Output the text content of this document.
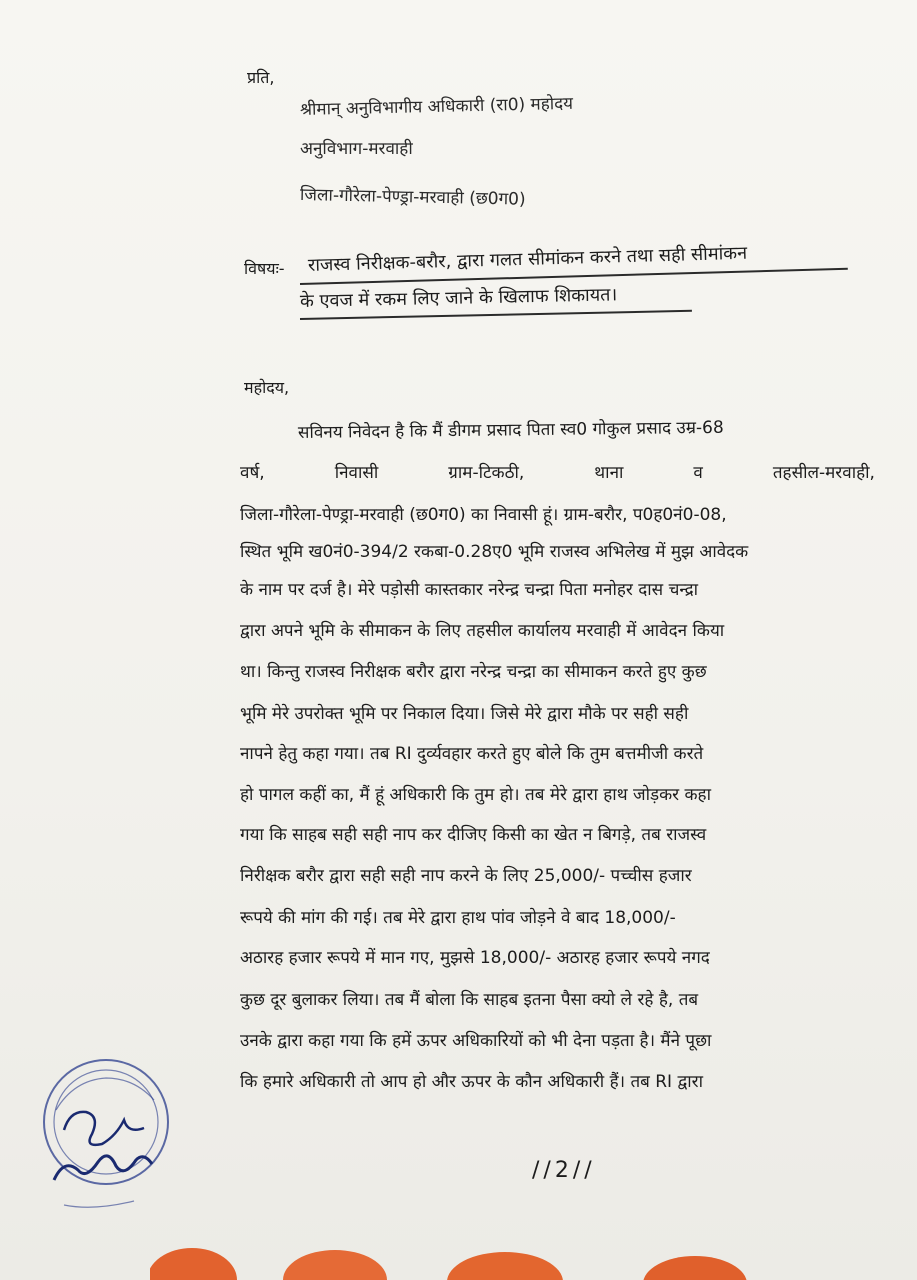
प्रति,
श्रीमान् अनुविभागीय अधिकारी (रा0) महोदय
अनुविभाग-मरवाही
जिला-गौरेला-पेण्ड्रा-मरवाही (छ0ग0)
विषयः- राजस्व निरीक्षक-बरौर, द्वारा गलत सीमांकन करने तथा सही सीमांकन
के एवज में रकम लिए जाने के खिलाफ शिकायत।
महोदय,
सविनय निवेदन है कि मैं डीगम प्रसाद पिता स्व0 गोकुल प्रसाद उम्र-68
वर्ष,	निवासी	ग्राम-टिकठी,	थाना	व	तहसील-मरवाही,
जिला-गौरेला-पेण्ड्रा-मरवाही (छ0ग0) का निवासी हूं। ग्राम-बरौर, प0ह0नं0-08,
स्थित भूमि ख0नं0-394/2 रकबा-0.28ए0 भूमि राजस्व अभिलेख में मुझ आवेदक
के नाम पर दर्ज है। मेरे पड़ोसी कास्तकार नरेन्द्र चन्द्रा पिता मनोहर दास चन्द्रा
द्वारा अपने भूमि के सीमाकन के लिए तहसील कार्यालय मरवाही में आवेदन किया
था। किन्तु राजस्व निरीक्षक बरौर द्वारा नरेन्द्र चन्द्रा का सीमाकन करते हुए कुछ
भूमि मेरे उपरोक्त भूमि पर निकाल दिया। जिसे मेरे द्वारा मौके पर सही सही
नापने हेतु कहा गया। तब RI दुर्व्यवहार करते हुए बोले कि तुम बत्तमीजी करते
हो पागल कहीं का, मैं हूं अधिकारी कि तुम हो। तब मेरे द्वारा हाथ जोड़कर कहा
गया कि साहब सही सही नाप कर दीजिए किसी का खेत न बिगड़े, तब राजस्व
निरीक्षक बरौर द्वारा सही सही नाप करने के लिए 25,000/- पच्चीस हजार
रूपये की मांग की गई। तब मेरे द्वारा हाथ पांव जोड़ने वे बाद 18,000/-
अठारह हजार रूपये में मान गए, मुझसे 18,000/- अठारह हजार रूपये नगद
कुछ दूर बुलाकर लिया। तब मैं बोला कि साहब इतना पैसा क्यो ले रहे है, तब
उनके द्वारा कहा गया कि हमें ऊपर अधिकारियों को भी देना पड़ता है। मैंने पूछा
कि हमारे अधिकारी तो आप हो और ऊपर के कौन अधिकारी हैं। तब RI द्वारा
//2//
